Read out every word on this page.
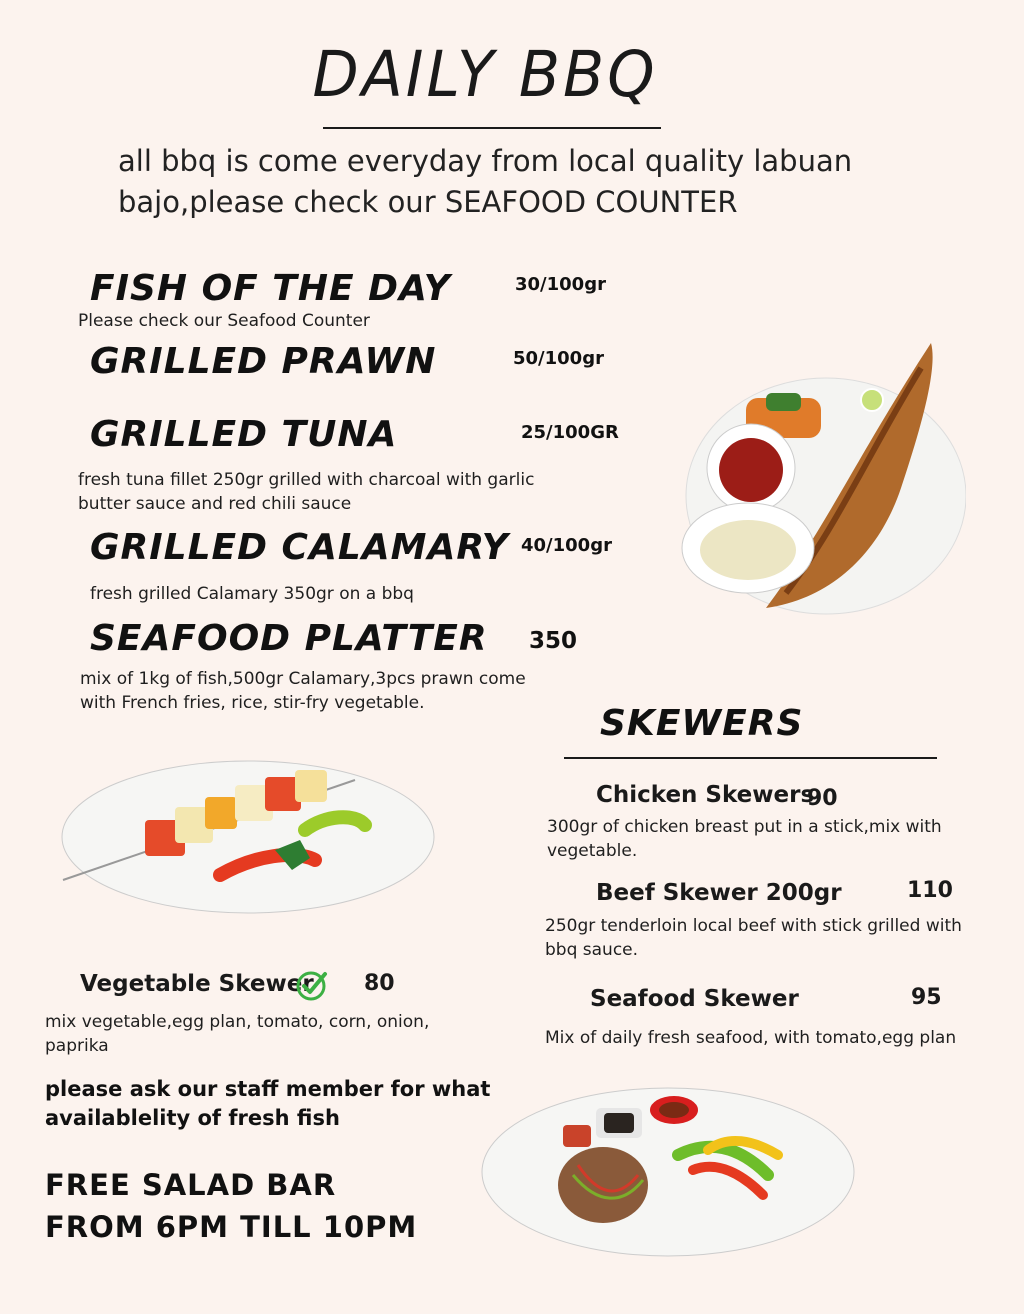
DAILY BBQ
all bbq is come everyday from local quality labuan bajo,please check our SEAFOOD COUNTER
FISH OF THE DAY	30/100gr
Please check our Seafood Counter
GRILLED PRAWN	50/100gr
GRILLED TUNA	25/100GR
fresh tuna fillet 250gr grilled with charcoal with garlic butter sauce and red chili sauce
GRILLED CALAMARY 40/100gr
fresh grilled Calamary 350gr on a bbq
SEAFOOD PLATTER 350
mix of 1kg of fish,500gr Calamary,3pcs prawn come with French fries, rice, stir-fry vegetable.	SKEWERS
Chicken Skewers
90
300gr of chicken breast put in a stick,mix with vegetable.
Beef Skewer 200gr	110
250gr tenderloin local beef with stick grilled with bbq sauce.
Seafood Skewer	95
Mix of daily fresh seafood, with tomato,egg plan
Vegetable Skewer 80
mix vegetable,egg plan, tomato, corn, onion, paprika
please ask our staff member for what availablelity of fresh fish
FREE SALAD BAR FROM 6PM TILL 10PM
